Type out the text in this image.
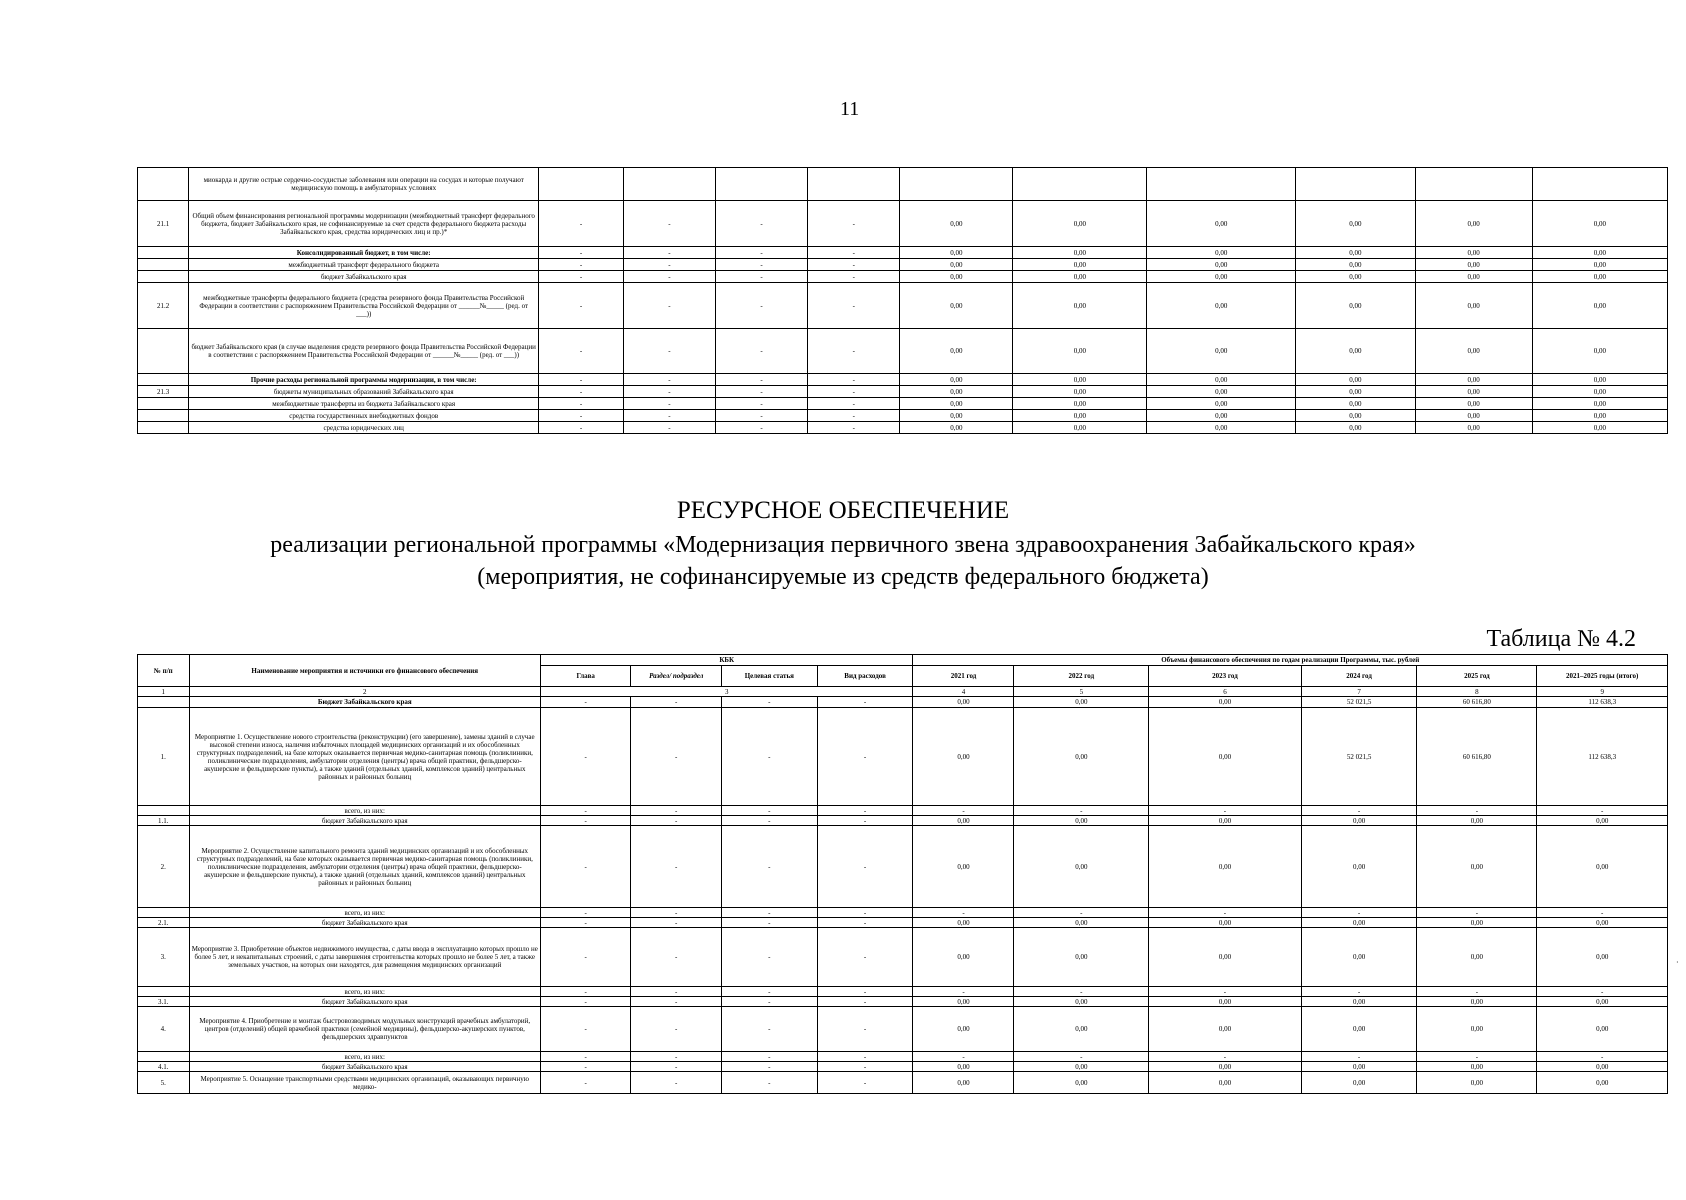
11
	миокарда и другие острые сердечно-сосудистые заболевания или операции на сосудах и которые получают медицинскую помощь в амбулаторных условиях										
21.1	Общий объем финансирования региональной программы модернизации (межбюджетный трансферт федерального бюджета, бюджет Забайкальского края, не софинансируемые за счет средств федерального бюджета расходы Забайкальского края, средства юридических лиц и пр.)*	-	-	-	-	0,00	0,00	0,00	0,00	0,00	0,00
	Консолидированный бюджет, в том числе:	-	-	-	-	0,00	0,00	0,00	0,00	0,00	0,00
	межбюджетный трансферт федерального бюджета	-	-	-	-	0,00	0,00	0,00	0,00	0,00	0,00
	бюджет Забайкальского края	-	-	-	-	0,00	0,00	0,00	0,00	0,00	0,00
21.2	межбюджетные трансферты федерального бюджета (средства резервного фонда Правительства Российской Федерации в соответствии с распоряжением Правительства Российской Федерации от ______№_____ (ред. от ___))	-	-	-	-	0,00	0,00	0,00	0,00	0,00	0,00
	бюджет Забайкальского края (в случае выделения средств резервного фонда Правительства Российской Федерации в соответствии с распоряжением Правительства Российской Федерации от ______№_____ (ред. от ___))	-	-	-	-	0,00	0,00	0,00	0,00	0,00	0,00
	Прочие расходы региональной программы модернизации, в том числе:	-	-	-	-	0,00	0,00	0,00	0,00	0,00	0,00
21.3	бюджеты муниципальных образований Забайкальского края	-	-	-	-	0,00	0,00	0,00	0,00	0,00	0,00
	межбюджетные трансферты из бюджета Забайкальского края	-	-	-	-	0,00	0,00	0,00	0,00	0,00	0,00
	средства государственных внебюджетных фондов	-	-	-	-	0,00	0,00	0,00	0,00	0,00	0,00
	средства юридических лиц	-	-	-	-	0,00	0,00	0,00	0,00	0,00	0,00
РЕСУРСНОЕ ОБЕСПЕЧЕНИЕ
реализации региональной программы «Модернизация первичного звена здравоохранения Забайкальского края»
(мероприятия, не софинансируемые из средств федерального бюджета)
Таблица № 4.2
№ п/п	Наименование мероприятия и источники его финансового обеспечения	КБК				Объемы финансового обеспечения по годам реализации Программы, тыс. рублей					
		Глава	Раздел/ подраздел	Целевая статья	Вид расходов	2021 год	2022 год	2023 год	2024 год	2025 год	2021–2025 годы (итого)
1	2	3				4	5	6	7	8	9
	Бюджет Забайкальского края	-	-	-	-	0,00	0,00	0,00	52 021,5	60 616,80	112 638,3
1.	Мероприятие 1. Осуществление нового строительства (реконструкции) (его завершение), замены зданий в случае высокой степени износа, наличия избыточных площадей медицинских организаций и их обособленных структурных подразделений, на базе которых оказывается первичная медико-санитарная помощь (поликлиники, поликлинические подразделения, амбулатории отделения (центры) врача общей практики, фельдшерско-акушерские и фельдшерские пункты), а также зданий (отдельных зданий, комплексов зданий) центральных районных и районных больниц	-	-	-	-	0,00	0,00	0,00	52 021,5	60 616,80	112 638,3
	всего, из них:	-	-	-	-	-	-	-	-	-	-
1.1.	бюджет Забайкальского края	-	-	-	-	0,00	0,00	0,00	0,00	0,00	0,00
2.	Мероприятие 2. Осуществление капитального ремонта зданий медицинских организаций и их обособленных структурных подразделений, на базе которых оказывается первичная медико-санитарная помощь (поликлиники, поликлинические подразделения, амбулатории отделения (центры) врача общей практики, фельдшерско-акушерские и фельдшерские пункты), а также зданий (отдельных зданий, комплексов зданий) центральных районных и районных больниц	-	-	-	-	0,00	0,00	0,00	0,00	0,00	0,00
	всего, из них:	-	-	-	-	-	-	-	-	-	-
2.1.	бюджет Забайкальского края	-	-	-	-	0,00	0,00	0,00	0,00	0,00	0,00
3.	Мероприятие 3. Приобретение объектов недвижимого имущества, с даты ввода в эксплуатацию которых прошло не более 5 лет, и некапитальных строений, с даты завершения строительства которых прошло не более 5 лет, а также земельных участков, на которых они находятся, для размещения медицинских организаций	-	-	-	-	0,00	0,00	0,00	0,00	0,00	0,00
	всего, из них:	-	-	-	-	-	-	-	-	-	-
3.1.	бюджет Забайкальского края	-	-	-	-	0,00	0,00	0,00	0,00	0,00	0,00
4.	Мероприятие 4. Приобретение и монтаж быстровозводимых модульных конструкций врачебных амбулаторий, центров (отделений) общей врачебной практики (семейной медицины), фельдшерско-акушерских пунктов, фельдшерских здравпунктов	-	-	-	-	0,00	0,00	0,00	0,00	0,00	0,00
	всего, из них:	-	-	-	-	-	-	-	-	-	-
4.1.	бюджет Забайкальского края	-	-	-	-	0,00	0,00	0,00	0,00	0,00	0,00
5.	Мероприятие 5. Оснащение транспортными средствами медицинских организаций, оказывающих первичную медико-	-	-	-	-	0,00	0,00	0,00	0,00	0,00	0,00
·
